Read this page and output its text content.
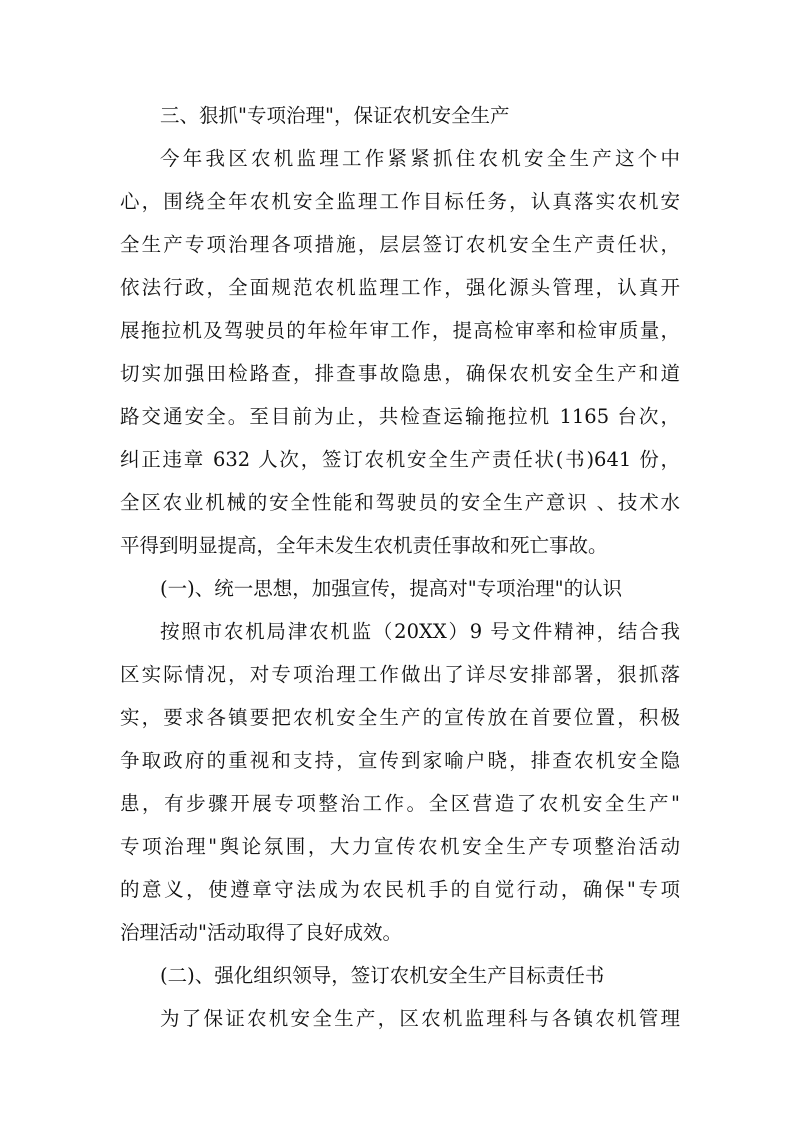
三、狠抓"专项治理"，保证农机安全生产
今年我区农机监理工作紧紧抓住农机安全生产这个中
心，围绕全年农机安全监理工作目标任务，认真落实农机安
全生产专项治理各项措施，层层签订农机安全生产责任状，
依法行政，全面规范农机监理工作，强化源头管理，认真开
展拖拉机及驾驶员的年检年审工作，提高检审率和检审质量，
切实加强田检路查，排查事故隐患，确保农机安全生产和道
路交通安全。至目前为止，共检查运输拖拉机 1165 台次，
纠正违章 632 人次，签订农机安全生产责任状(书)641 份，
全区农业机械的安全性能和驾驶员的安全生产意识 、技术水
平得到明显提高，全年未发生农机责任事故和死亡事故。
(一)、统一思想，加强宣传，提高对"专项治理"的认识
按照市农机局津农机监（20XX）9 号文件精神，结合我
区实际情况，对专项治理工作做出了详尽安排部署，狠抓落
实，要求各镇要把农机安全生产的宣传放在首要位置，积极
争取政府的重视和支持，宣传到家喻户晓，排查农机安全隐
患，有步骤开展专项整治工作。全区营造了农机安全生产"
专项治理"舆论氛围，大力宣传农机安全生产专项整治活动
的意义，使遵章守法成为农民机手的自觉行动，确保"专项
治理活动"活动取得了良好成效。
(二)、强化组织领导，签订农机安全生产目标责任书
为了保证农机安全生产，区农机监理科与各镇农机管理
